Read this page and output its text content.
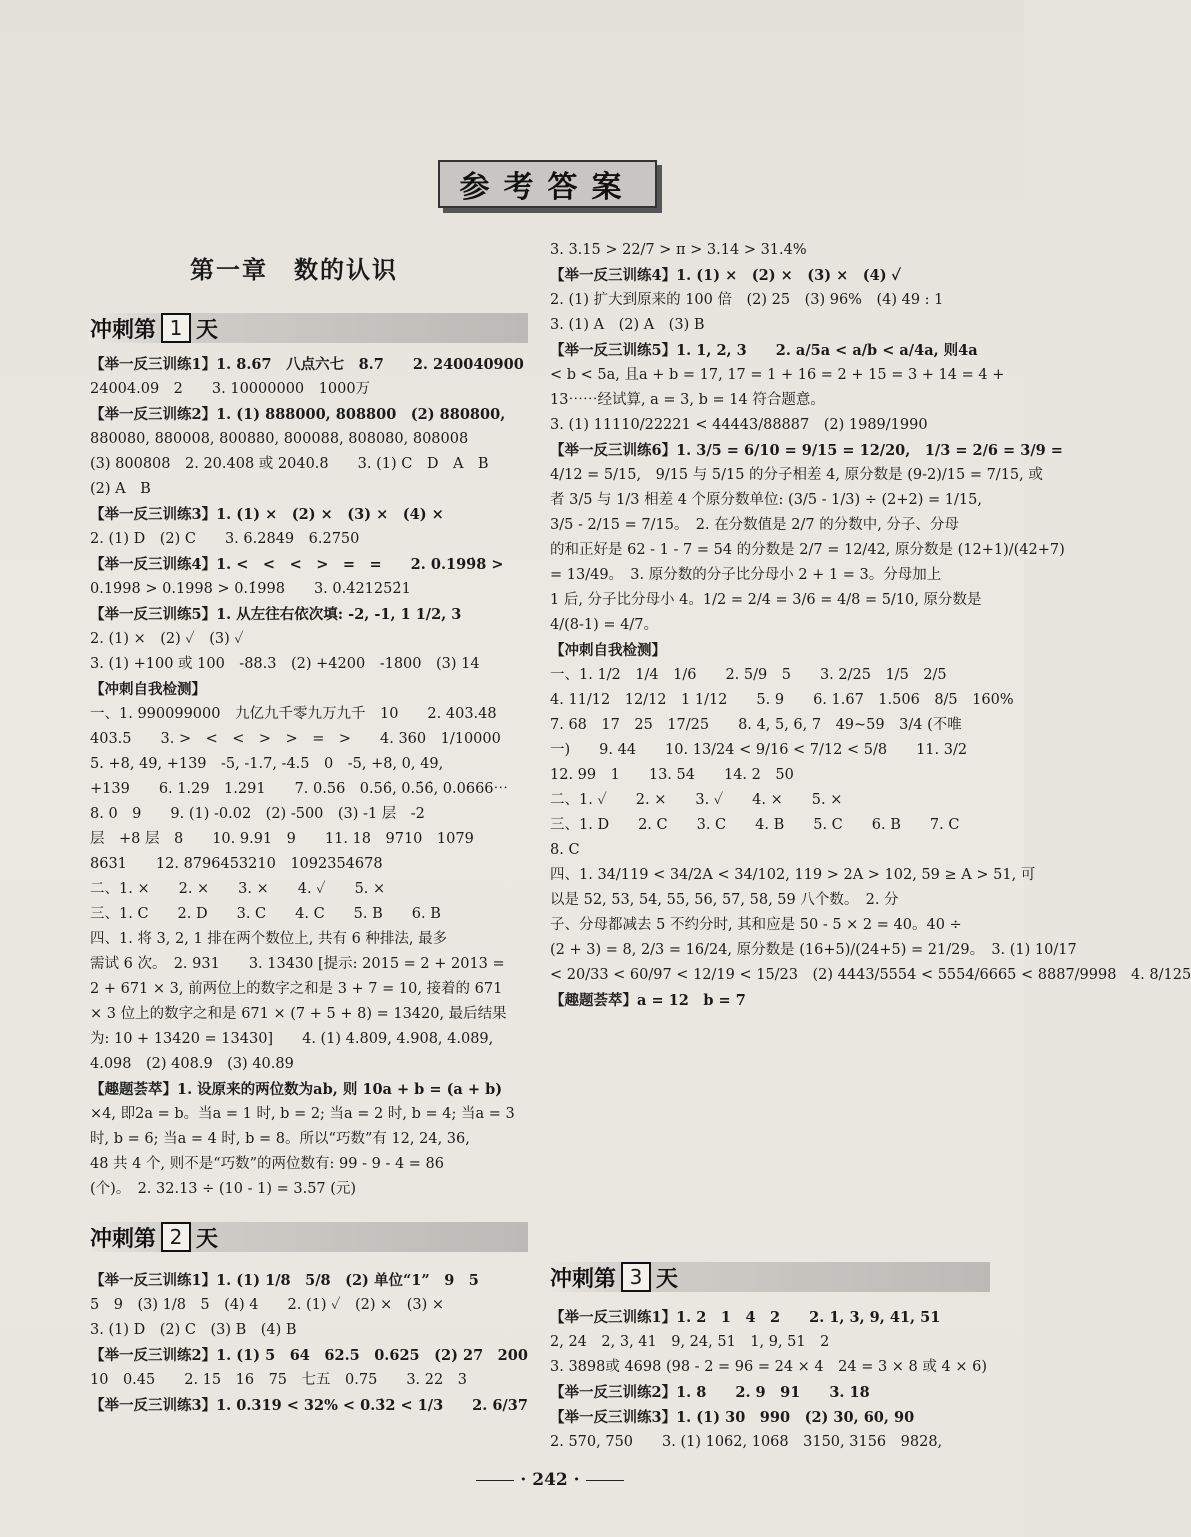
参考答案
第一章　数的认识
冲刺第 1 天
【举一反三训练1】1. 8.67　八点六七　8.7　　2. 240040900
24004.09　2　　3. 10000000　1000万
【举一反三训练2】1. (1) 888000, 808800　(2) 880800,
880080, 880008, 800880, 800088, 808080, 808008
(3) 800808　2. 20.408 或 2040.8　　3. (1) C　D　A　B
(2) A　B
【举一反三训练3】1. (1) ×　(2) ×　(3) ×　(4) ×
2. (1) D　(2) C　　3. 6.2849　6.2750
【举一反三训练4】1. <　<　<　>　=　=　　2. 0.199̇8 >
0.19̇98 > 0.1998 > 0.1̇998　　3. 0.4̇21252̇1
【举一反三训练5】1. 从左往右依次填: -2, -1, 1 1/2, 3
2. (1) ×　(2) ✓　(3) ✓
3. (1) +100 或 100　-88.3　(2) +4200　-1800　(3) 14
【冲刺自我检测】
一、1. 990099000　九亿九千零九万九千　10　　2. 403.48
403.5　　3. >　<　<　>　>　=　>　　4. 360　1/10000
5. +8, 49, +139　-5, -1.7, -4.5　0　-5, +8, 0, 49,
+139　　6. 1.29　1.291　　7. 0.56　0.56̇, 0.5̇6̇, 0.0666⋯
8. 0　9　　9. (1) -0.02　(2) -500　(3) -1 层　-2
层　+8 层　8　　10. 9.91　9　　11. 18　9710　1079
8631　　12. 8796453210　1092354678
二、1. ×　　2. ×　　3. ×　　4. ✓　　5. ×
三、1. C　　2. D　　3. C　　4. C　　5. B　　6. B
四、1. 将 3, 2, 1 排在两个数位上, 共有 6 种排法, 最多
需试 6 次。　2. 931　　3. 13430 [提示: 2015 = 2 + 2013 =
2 + 671 × 3, 前两位上的数字之和是 3 + 7 = 10, 接着的 671
× 3 位上的数字之和是 671 × (7 + 5 + 8) = 13420, 最后结果
为: 10 + 13420 = 13430]　　4. (1) 4.809, 4.908, 4.089,
4.098　(2) 408.9　(3) 40.89
【趣题荟萃】1. 设原来的两位数为ab, 则 10a + b = (a + b)
×4, 即2a = b。当a = 1 时, b = 2; 当a = 2 时, b = 4; 当a = 3
时, b = 6; 当a = 4 时, b = 8。所以“巧数”有 12, 24, 36,
48 共 4 个, 则不是“巧数”的两位数有: 99 - 9 - 4 = 86
(个)。　2. 32.13 ÷ (10 - 1) = 3.57 (元)
冲刺第 2 天
【举一反三训练1】1. (1) 1/8　5/8　(2) 单位“1”　9　5
5　9　(3) 1/8　5　(4) 4　　2. (1) ✓　(2) ×　(3) ×
3. (1) D　(2) C　(3) B　(4) B
【举一反三训练2】1. (1) 5　64　62.5　0.625　(2) 27　200
10　0.45　　2. 15　16　75　七五　0.75　　3. 22　3
【举一反三训练3】1. 0.319 < 32% < 0.3̇2 < 1/3　　2. 6/37
3. 3.15 > 22/7 > π > 3.14 > 31.4%
【举一反三训练4】1. (1) ×　(2) ×　(3) ×　(4) ✓
2. (1) 扩大到原来的 100 倍　(2) 25　(3) 96%　(4) 49 : 1
3. (1) A　(2) A　(3) B
【举一反三训练5】1. 1, 2, 3　　2. a/5a < a/b < a/4a, 则4a
< b < 5a, 且a + b = 17, 17 = 1 + 16 = 2 + 15 = 3 + 14 = 4 +
13⋯⋯经试算, a = 3, b = 14 符合题意。
3. (1) 11110/22221 < 44443/88887　(2) 1989/1990
【举一反三训练6】1. 3/5 = 6/10 = 9/15 = 12/20,　1/3 = 2/6 = 3/9 =
4/12 = 5/15,　9/15 与 5/15 的分子相差 4, 原分数是 (9-2)/15 = 7/15, 或
者 3/5 与 1/3 相差 4 个原分数单位: (3/5 - 1/3) ÷ (2+2) = 1/15,
3/5 - 2/15 = 7/15。　2. 在分数值是 2/7 的分数中, 分子、分母
的和正好是 62 - 1 - 7 = 54 的分数是 2/7 = 12/42, 原分数是 (12+1)/(42+7)
= 13/49。　3. 原分数的分子比分母小 2 + 1 = 3。分母加上
1 后, 分子比分母小 4。1/2 = 2/4 = 3/6 = 4/8 = 5/10, 原分数是
4/(8-1) = 4/7。
【冲刺自我检测】
一、1. 1/2　1/4　1/6　　2. 5/9　5　　3. 2/25　1/5　2/5
4. 11/12　12/12　1 1/12　　5. 9　　6. 1.67　1.506　8/5　160%
7. 68　17　25　17/25　　8. 4, 5, 6, 7　49~59　3/4 (不唯
一)　　9. 44　　10. 13/24 < 9/16 < 7/12 < 5/8　　11. 3/2
12. 99　1　　13. 54　　14. 2　50
二、1. ✓　　2. ×　　3. ✓　　4. ×　　5. ×
三、1. D　　2. C　　3. C　　4. B　　5. C　　6. B　　7. C
8. C
四、1. 34/119 < 34/2A < 34/102, 119 > 2A > 102, 59 ≥ A > 51, 可
以是 52, 53, 54, 55, 56, 57, 58, 59 八个数。　2. 分
子、分母都减去 5 不约分时, 其和应是 50 - 5 × 2 = 40。40 ÷
(2 + 3) = 8, 2/3 = 16/24, 原分数是 (16+5)/(24+5) = 21/29。　3. (1) 10/17
< 20/33 < 60/97 < 12/19 < 15/23　(2) 4443/5554 < 5554/6665 < 8887/9998　4. 8/125
【趣题荟萃】a = 12　b = 7
冲刺第 3 天
【举一反三训练1】1. 2　1　4　2　　2. 1, 3, 9, 41, 51
2, 24　2, 3, 41　9, 24, 51　1, 9, 51　2
3. 3898或 4698 (98 - 2 = 96 = 24 × 4　24 = 3 × 8 或 4 × 6)
【举一反三训练2】1. 8　　2. 9　91　　3. 18
【举一反三训练3】1. (1) 30　990　(2) 30, 60, 90
2. 570, 750　　3. (1) 1062, 1068　3150, 3156　9828,
· 242 ·
